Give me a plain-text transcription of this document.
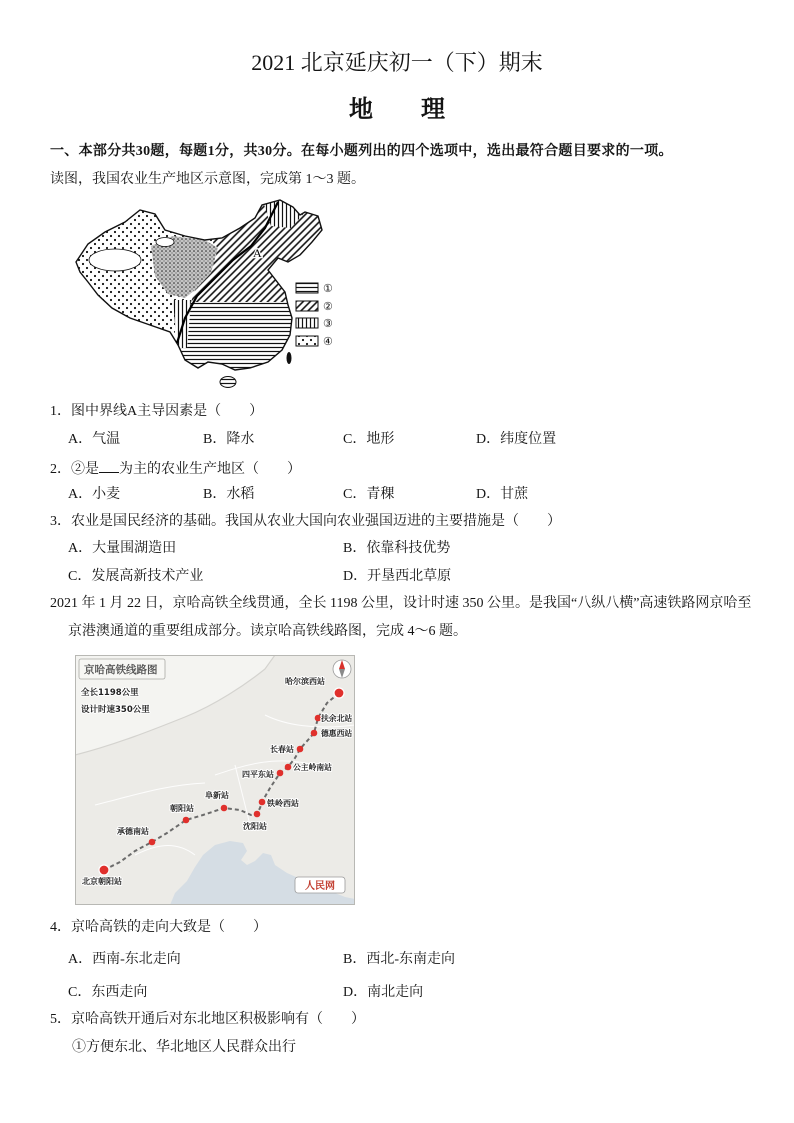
2021 北京延庆初一（下）期末
地　　理
一、本部分共30题，每题1分，共30分。在每小题列出的四个选项中，选出最符合题目要求的一项。
读图，我国农业生产地区示意图，完成第 1～3 题。
A
①
②
③
④
1．图中界线A主导因素是（　　）
A．气温	B．降水	C．地形	D．纬度位置
2．②是 为主的农业生产地区（　　）
A．小麦	B．水稻	C．青稞	D．甘蔗
3．农业是国民经济的基础。我国从农业大国向农业强国迈进的主要措施是（　　）
A．大量围湖造田	B．依靠科技优势
C．发展高新技术产业	D．开垦西北草原
2021 年 1 月 22 日，京哈高铁全线贯通，全长 1198 公里，设计时速 350 公里。是我国“八纵八横”高速铁路网京哈至
京港澳通道的重要组成部分。读京哈高铁线路图，完成 4～6 题。
京哈高铁线路图
全长1198公里
设计时速350公里
哈尔滨西站
扶余北站
德惠西站
长春站
公主岭南站
四平东站
铁岭西站
沈阳站
阜新站
朝阳站
承德南站
北京朝阳站	人民网
4．京哈高铁的走向大致是（　　）
A．西南-东北走向	B．西北-东南走向
C．东西走向	D．南北走向
5．京哈高铁开通后对东北地区积极影响有（　　）
①方便东北、华北地区人民群众出行
